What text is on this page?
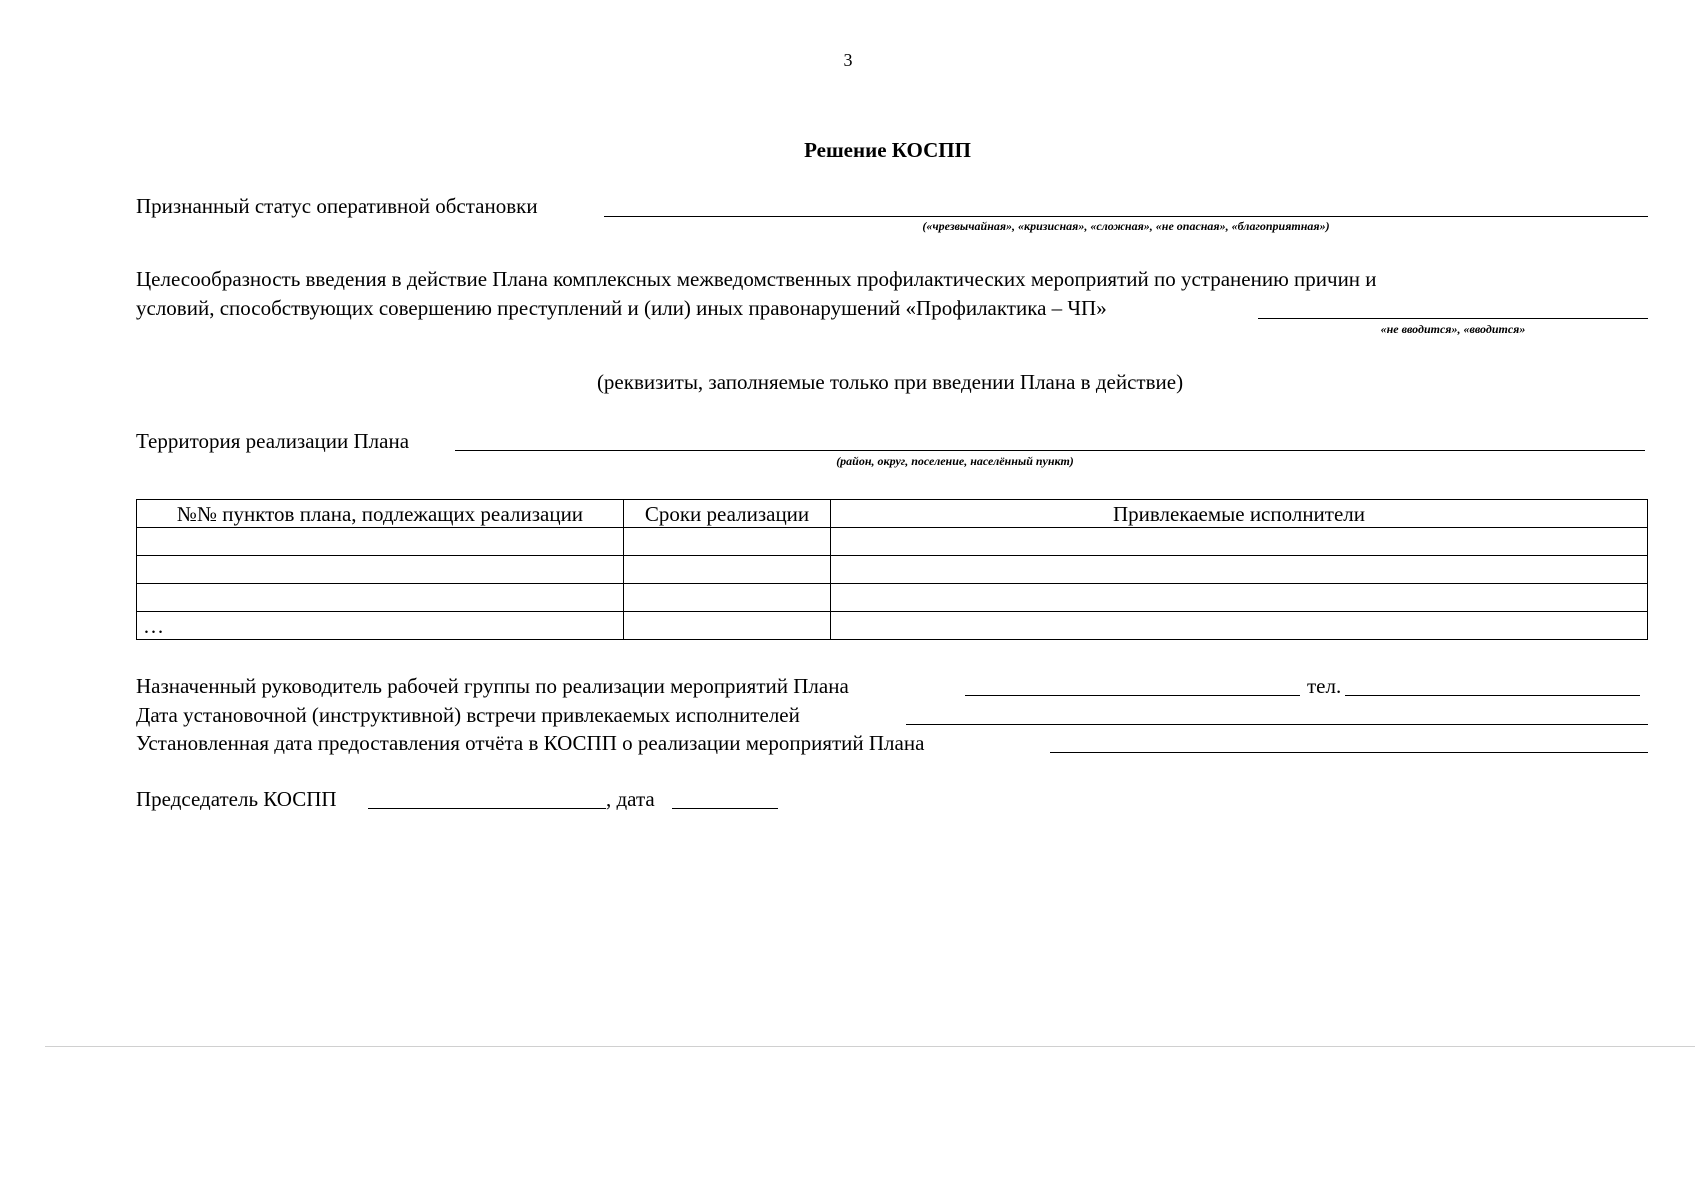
3
Решение КОСПП
Признанный статус оперативной обстановки
(«чрезвычайная», «кризисная», «сложная», «не опасная», «благоприятная»)
Целесообразность введения в действие Плана комплексных межведомственных профилактических мероприятий по устранению причин и
условий, способствующих совершению преступлений и (или) иных правонарушений «Профилактика – ЧП»
«не вводится», «вводится»
(реквизиты, заполняемые только при введении Плана в действие)
Территория реализации Плана
(район, округ, поселение, населённый пункт)
№№ пунктов плана, подлежащих реализации	Сроки реализации	Привлекаемые исполнители

…		
Назначенный руководитель рабочей группы по реализации мероприятий Плана	тел.
Дата установочной (инструктивной) встречи привлекаемых исполнителей
Установленная дата предоставления отчёта в КОСПП о реализации мероприятий Плана
Председатель КОСПП	, дата
